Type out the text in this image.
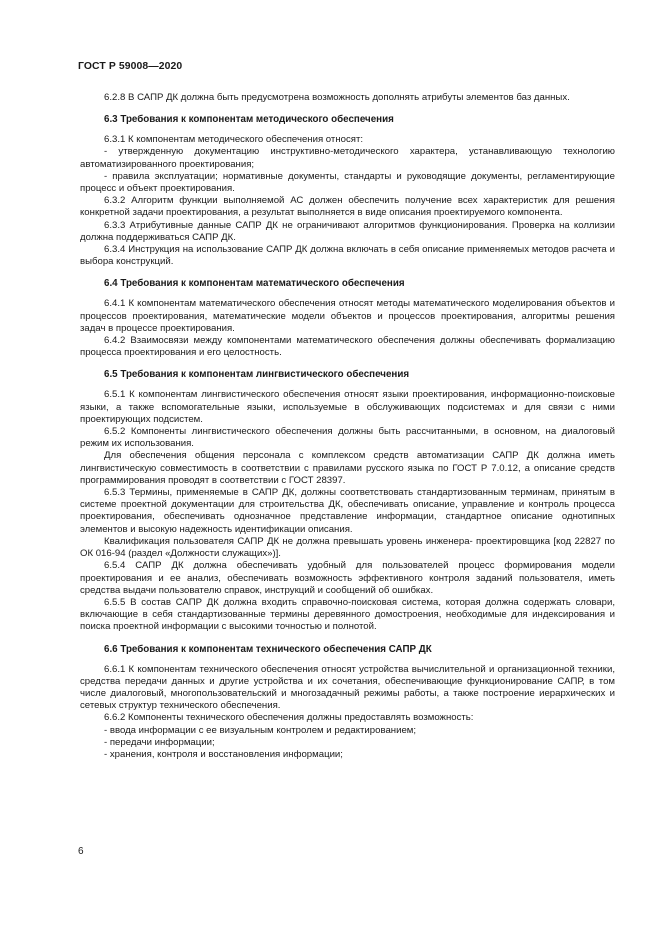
ГОСТ Р 59008—2020

6.2.8 В САПР ДК должна быть предусмотрена возможность дополнять атрибуты элементов баз данных.

6.3 Требования к компонентам методического обеспечения

6.3.1 К компонентам методического обеспечения относят:

- утвержденную документацию инструктивно-методического характера, устанавливающую технологию автоматизированного проектирования;

- правила эксплуатации; нормативные документы, стандарты и руководящие документы, регламентирующие процесс и объект проектирования.

6.3.2 Алгоритм функции выполняемой АС должен обеспечить получение всех характеристик для решения конкретной задачи проектирования, а результат выполняется в виде описания проектируемого компонента.

6.3.3 Атрибутивные данные САПР ДК не ограничивают алгоритмов функционирования. Проверка на коллизии должна поддерживаться САПР ДК.

6.3.4 Инструкция на использование САПР ДК должна включать в себя описание применяемых методов расчета и выбора конструкций.

6.4 Требования к компонентам математического обеспечения

6.4.1 К компонентам математического обеспечения относят методы математического моделирования объектов и процессов проектирования, математические модели объектов и процессов проектирования, алгоритмы решения задач в процессе проектирования.

6.4.2 Взаимосвязи между компонентами математического обеспечения должны обеспечивать формализацию процесса проектирования и его целостность.

6.5 Требования к компонентам лингвистического обеспечения

6.5.1 К компонентам лингвистического обеспечения относят языки проектирования, информационно-поисковые языки, а также вспомогательные языки, используемые в обслуживающих подсистемах и для связи с ними проектирующих подсистем.

6.5.2 Компоненты лингвистического обеспечения должны быть рассчитанными, в основном, на диалоговый режим их использования.

Для обеспечения общения персонала с комплексом средств автоматизации САПР ДК должна иметь лингвистическую совместимость в соответствии с правилами русского языка по ГОСТ Р 7.0.12, а описание средств программирования проводят в соответствии с ГОСТ 28397.

6.5.3 Термины, применяемые в САПР ДК, должны соответствовать стандартизованным терминам, принятым в системе проектной документации для строительства ДК, обеспечивать описание, управление и контроль процесса проектирования, обеспечивать однозначное представление информации, стандартное описание однотипных элементов и высокую надежность идентификации описания.

Квалификация пользователя САПР ДК не должна превышать уровень инженера- проектировщика [код 22827 по ОК 016-94 (раздел «Должности служащих»)].

6.5.4 САПР ДК должна обеспечивать удобный для пользователей процесс формирования модели проектирования и ее анализ, обеспечивать возможность эффективного контроля заданий пользователя, иметь средства выдачи пользователю справок, инструкций и сообщений об ошибках.

6.5.5 В состав САПР ДК должна входить справочно-поисковая система, которая должна содержать словари, включающие в себя стандартизованные термины деревянного домостроения, необходимые для индексирования и поиска проектной информации с высокими точностью и полнотой.

6.6 Требования к компонентам технического обеспечения САПР ДК

6.6.1 К компонентам технического обеспечения относят устройства вычислительной и организационной техники, средства передачи данных и другие устройства и их сочетания, обеспечивающие функционирование САПР, в том числе диалоговый, многопользовательский и многозадачный режимы работы, а также построение иерархических и сетевых структур технического обеспечения.

6.6.2 Компоненты технического обеспечения должны предоставлять возможность:

- ввода информации с ее визуальным контролем и редактированием;

- передачи информации;

- хранения, контроля и восстановления информации;

6
